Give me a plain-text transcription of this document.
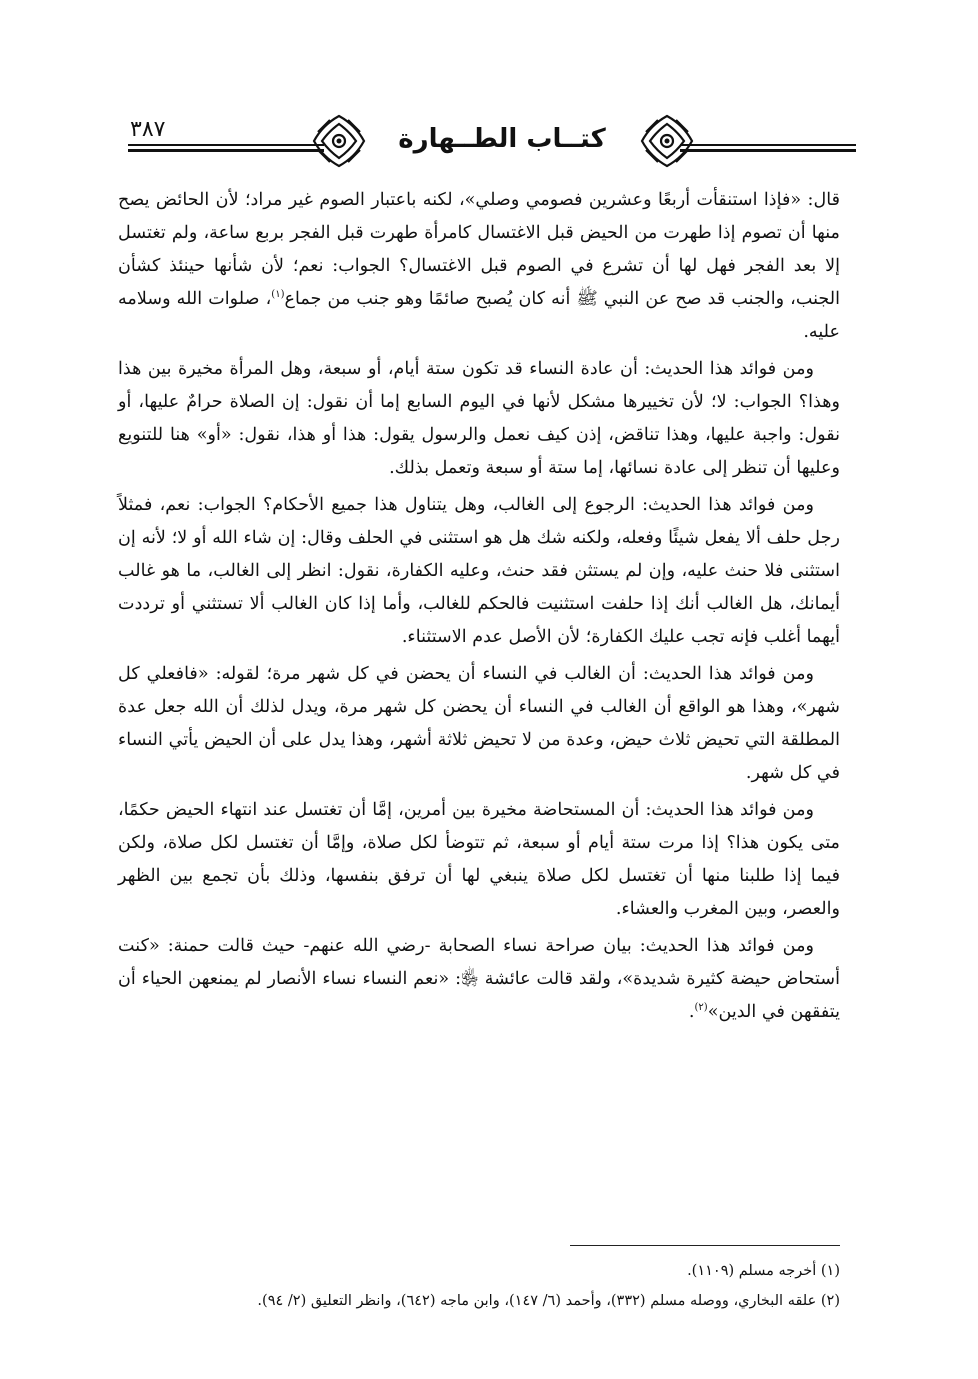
٣٨٧	كتــاب الطــهارة

قال: «فإذا استنقأت أربعًا وعشرين فصومي وصلي»، لكنه باعتبار الصوم غير مراد؛ لأن الحائض يصح منها أن تصوم إذا طهرت من الحيض قبل الاغتسال كامرأة طهرت قبل الفجر بربع ساعة، ولم تغتسل إلا بعد الفجر فهل لها أن تشرع في الصوم قبل الاغتسال؟ الجواب: نعم؛ لأن شأنها حينئذ كشأن الجنب، والجنب قد صح عن النبي ﷺ أنه كان يُصبح صائمًا وهو جنب من جماع$^{(١)}$، صلوات الله وسلامه عليه.

ومن فوائد هذا الحديث: أن عادة النساء قد تكون ستة أيام، أو سبعة، وهل المرأة مخيرة بين هذا وهذا؟ الجواب: لا؛ لأن تخييرها مشكل لأنها في اليوم السابع إما أن نقول: إن الصلاة حرامٌ عليها، أو نقول: واجبة عليها، وهذا تناقض، إذن كيف نعمل والرسول يقول: هذا أو هذا، نقول: «أو» هنا للتنويع وعليها أن تنظر إلى عادة نسائها، إما ستة أو سبعة وتعمل بذلك.

ومن فوائد هذا الحديث: الرجوع إلى الغالب، وهل يتناول هذا جميع الأحكام؟ الجواب: نعم، فمثلاً رجل حلف ألا يفعل شيئًا وفعله، ولكنه شك هل هو استثنى في الحلف وقال: إن شاء الله أو لا؛ لأنه إن استثنى فلا حنث عليه، وإن لم يستثن فقد حنث، وعليه الكفارة، نقول: انظر إلى الغالب، ما هو غالب أيمانك، هل الغالب أنك إذا حلفت استثنيت فالحكم للغالب، وأما إذا كان الغالب ألا تستثني أو ترددت أيهما أغلب فإنه تجب عليك الكفارة؛ لأن الأصل عدم الاستثناء.

ومن فوائد هذا الحديث: أن الغالب في النساء أن يحضن في كل شهر مرة؛ لقوله: «فافعلي كل شهر»، وهذا هو الواقع أن الغالب في النساء أن يحضن كل شهر مرة، ويدل لذلك أن الله جعل عدة المطلقة التي تحيض ثلاث حيض، وعدة من لا تحيض ثلاثة أشهر، وهذا يدل على أن الحيض يأتي النساء في كل شهر.

ومن فوائد هذا الحديث: أن المستحاضة مخيرة بين أمرين، إمَّا أن تغتسل عند انتهاء الحيض حكمًا، متى يكون هذا؟ إذا مرت ستة أيام أو سبعة، ثم تتوضأ لكل صلاة، وإمَّا أن تغتسل لكل صلاة، ولكن فيما إذا طلبنا منها أن تغتسل لكل صلاة ينبغي لها أن ترفق بنفسها، وذلك بأن تجمع بين الظهر والعصر، وبين المغرب والعشاء.

ومن فوائد هذا الحديث: بيان صراحة نساء الصحابة -رضي الله عنهم- حيث قالت حمنة: «كنت أستحاض حيضة كثيرة شديدة»، ولقد قالت عائشة ﵂: «نعم النساء نساء الأنصار لم يمنعهن الحياء أن يتفقهن في الدين»$^{(٢)}$.

(١) أخرجه مسلم (١١٠٩).

(٢) علقه البخاري، ووصله مسلم (٣٣٢)، وأحمد (٦/ ١٤٧)، وابن ماجه (٦٤٢)، وانظر التعليق (٢/ ٩٤).
